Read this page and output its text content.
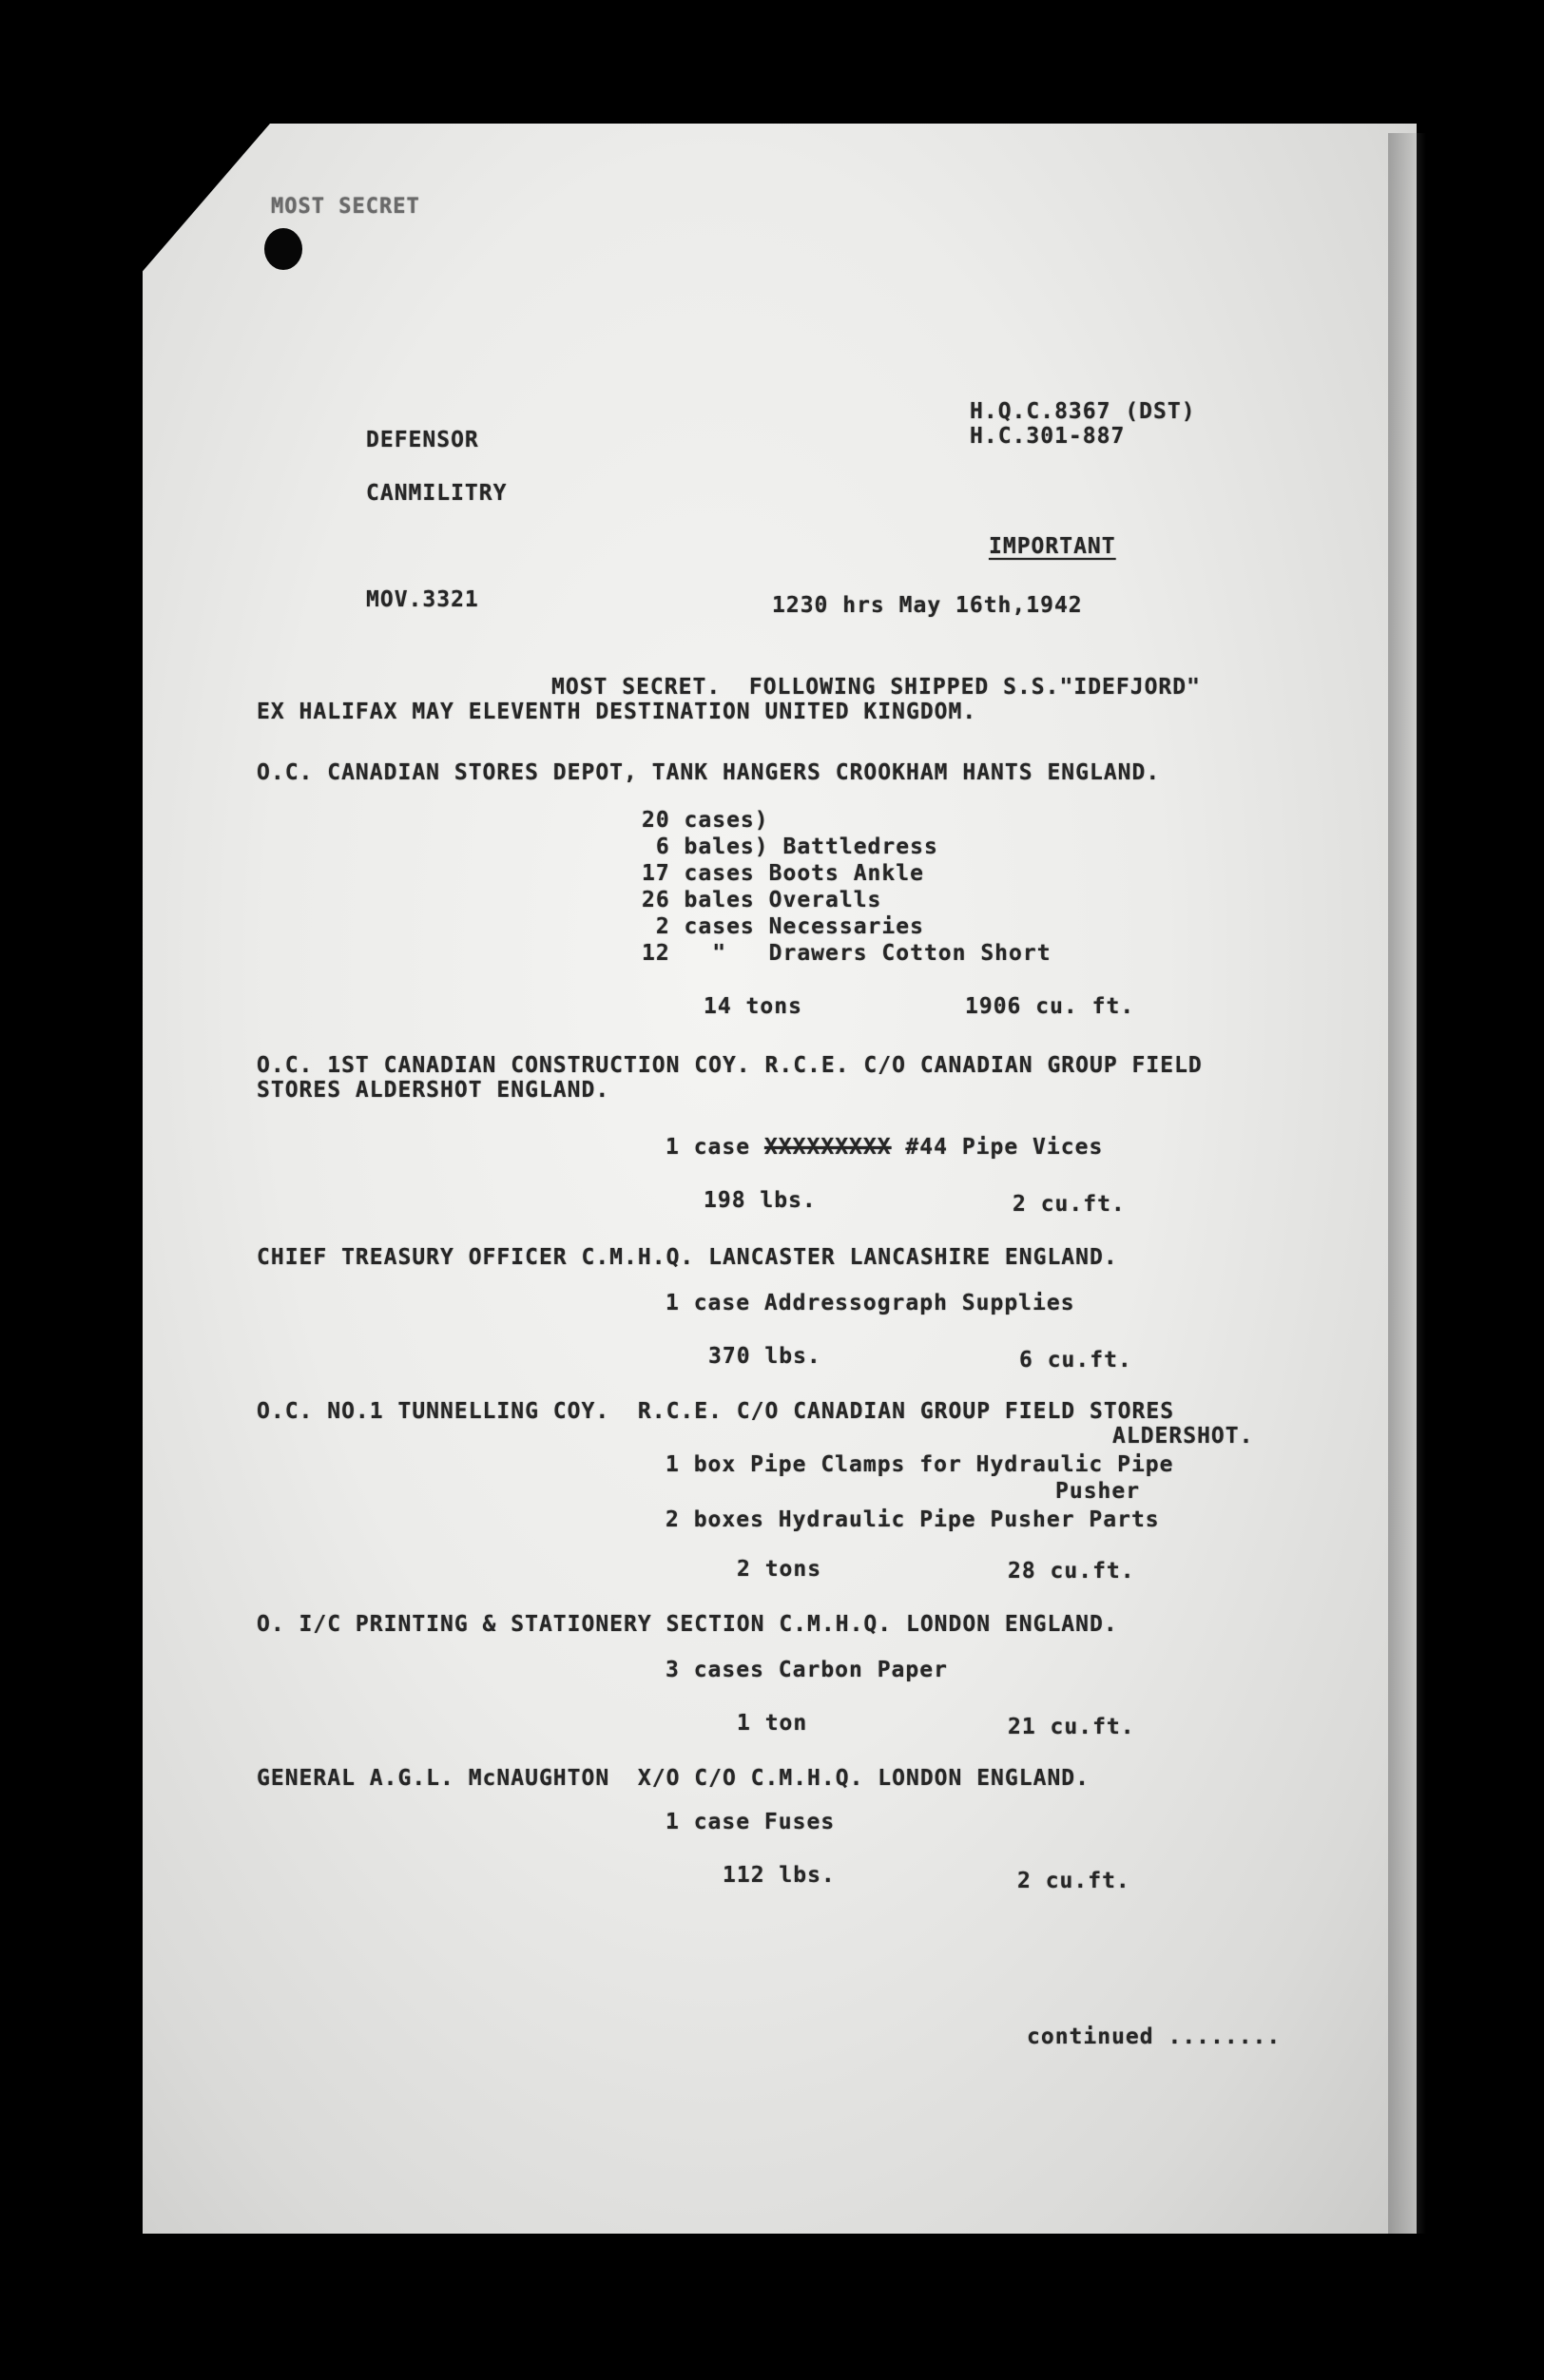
MOST SECRET
H.Q.C.8367 (DST)
H.C.301-887
DEFENSOR
CANMILITRY
IMPORTANT
MOV.3321	1230 hrs May 16th,1942
MOST SECRET.  FOLLOWING SHIPPED S.S."IDEFJORD"
EX HALIFAX MAY ELEVENTH DESTINATION UNITED KINGDOM.
O.C. CANADIAN STORES DEPOT, TANK HANGERS CROOKHAM HANTS ENGLAND.
20 cases)
6 bales) Battledress
17 cases Boots Ankle
26 bales Overalls
2 cases Necessaries
12   "   Drawers Cotton Short
14 tons	1906 cu. ft.
O.C. 1ST CANADIAN CONSTRUCTION COY. R.C.E. C/O CANADIAN GROUP FIELD
STORES ALDERSHOT ENGLAND.
1 case XXXXXXXXX #44 Pipe Vices
198 lbs.	2 cu.ft.
CHIEF TREASURY OFFICER C.M.H.Q. LANCASTER LANCASHIRE ENGLAND.
1 case Addressograph Supplies
370 lbs.	6 cu.ft.
O.C. NO.1 TUNNELLING COY.  R.C.E. C/O CANADIAN GROUP FIELD STORES
ALDERSHOT.
1 box Pipe Clamps for Hydraulic Pipe
Pusher
2 boxes Hydraulic Pipe Pusher Parts
2 tons	28 cu.ft.
O. I/C PRINTING & STATIONERY SECTION C.M.H.Q. LONDON ENGLAND.
3 cases Carbon Paper
1 ton	21 cu.ft.
GENERAL A.G.L. McNAUGHTON  X/O C/O C.M.H.Q. LONDON ENGLAND.
1 case Fuses
112 lbs.	2 cu.ft.
continued ........
